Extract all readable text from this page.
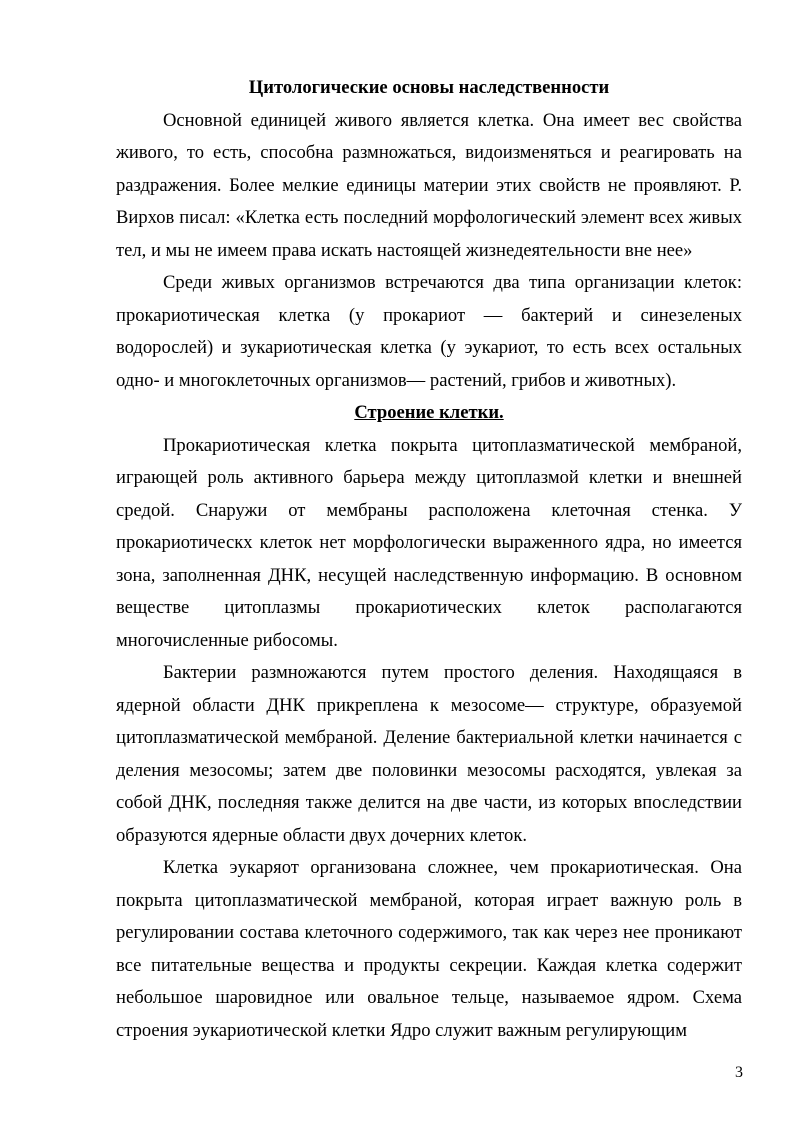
Цитологические основы наследственности

Основной единицей живого является клетка. Она имеет вес свойства живого, то есть, способна размножаться, видоизменяться и реагировать на раздражения. Более мелкие единицы материи этих свойств не проявляют. Р. Вирхов писал: «Клетка есть последний морфологический элемент всех живых тел, и мы не имеем права искать настоящей жизнедеятельности вне нее»

Среди живых организмов встречаются два типа организации клеток: прокариотическая клетка (у прокариот — бактерий и синезеленых водорослей) и зукариотическая клетка (у эукариот, то есть всех остальных одно- и многоклеточных организмов— растений, грибов и животных).

Строение клетки.

Прокариотическая клетка покрыта цитоплазматической мембраной, играющей роль активного барьера между цитоплазмой клетки и внешней средой. Снаружи от мембраны расположена клеточная стенка. У прокариотическх клеток нет морфологически выраженного ядра, но имеется зона, заполненная ДНК, несущей наследственную информацию. В основном веществе цитоплазмы прокариотических клеток располагаются многочисленные рибосомы.

Бактерии размножаются путем простого деления. Находящаяся в ядерной области ДНК прикреплена к мезосоме— структуре, образуемой цитоплазматической мембраной. Деление бактериальной клетки начинается с деления мезосомы; затем две половинки мезосомы расходятся, увлекая за собой ДНК, последняя также делится на две части, из которых впоследствии образуются ядерные области двух дочерних клеток.

Клетка эукаряот организована сложнее, чем прокариотическая. Она покрыта цитоплазматической мембраной, которая играет важную роль в регулировании состава клеточного содержимого, так как через нее проникают все питательные вещества и продукты секреции. Каждая клетка содержит небольшое шаровидное или овальное тельце, называемое ядром. Схема строения эукариотической клетки Ядро служит важным регулирующим

3
